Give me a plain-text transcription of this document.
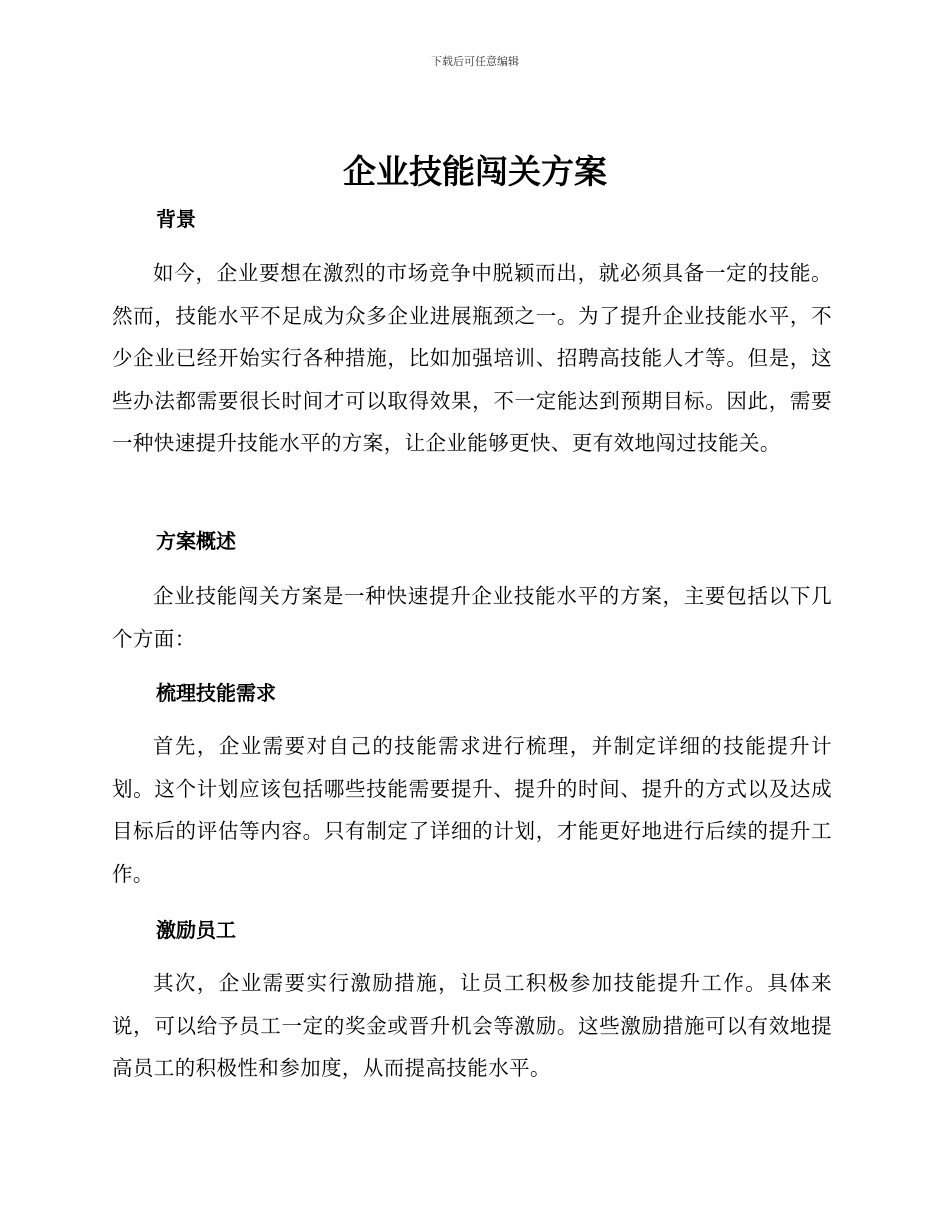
下载后可任意编辑
企业技能闯关方案
背景

如今，企业要想在激烈的市场竞争中脱颖而出，就必须具备一定的技能。然而，技能水平不足成为众多企业进展瓶颈之一。为了提升企业技能水平，不少企业已经开始实行各种措施，比如加强培训、招聘高技能人才等。但是，这些办法都需要很长时间才可以取得效果，不一定能达到预期目标。因此，需要一种快速提升技能水平的方案，让企业能够更快、更有效地闯过技能关。

方案概述

企业技能闯关方案是一种快速提升企业技能水平的方案，主要包括以下几个方面：

梳理技能需求

首先，企业需要对自己的技能需求进行梳理，并制定详细的技能提升计划。这个计划应该包括哪些技能需要提升、提升的时间、提升的方式以及达成目标后的评估等内容。只有制定了详细的计划，才能更好地进行后续的提升工作。

激励员工

其次，企业需要实行激励措施，让员工积极参加技能提升工作。具体来说，可以给予员工一定的奖金或晋升机会等激励。这些激励措施可以有效地提高员工的积极性和参加度，从而提高技能水平。
